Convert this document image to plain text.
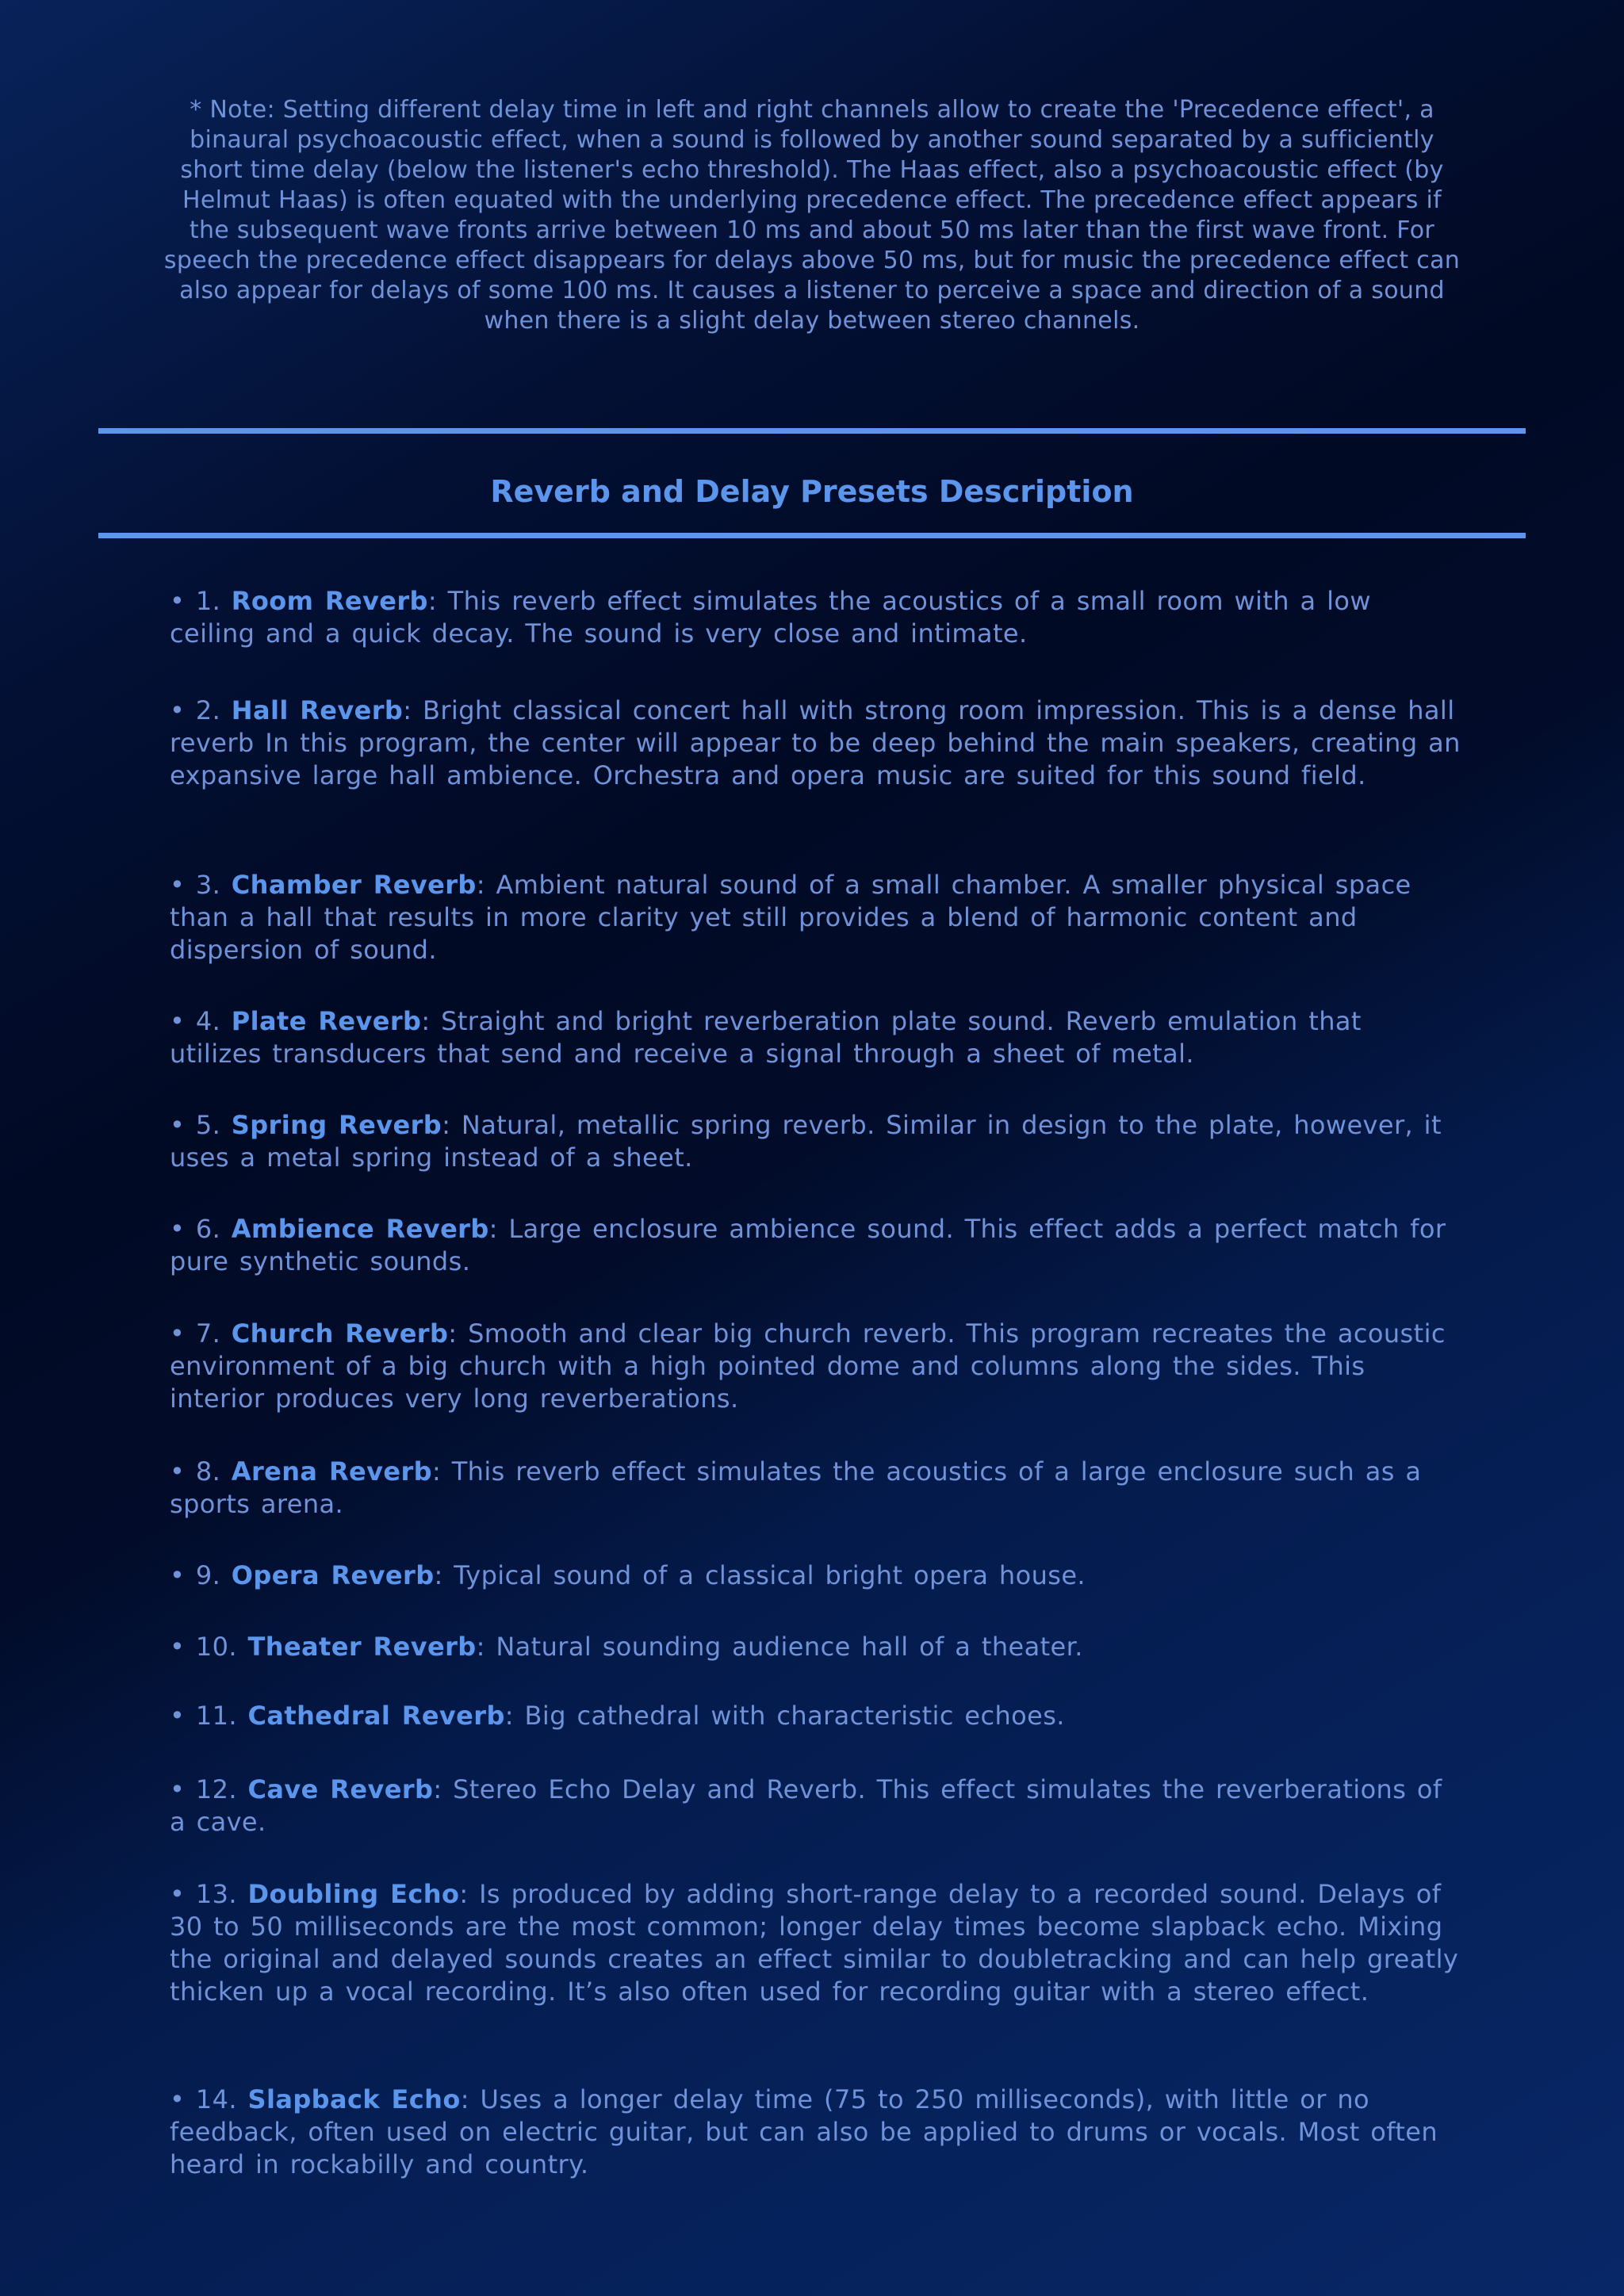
* Note: Setting different delay time in left and right channels allow to create the 'Precedence effect', a binaural psychoacoustic effect, when a sound is followed by another sound separated by a sufficiently short time delay (below the listener's echo threshold). The Haas effect, also a psychoacoustic effect (by Helmut Haas) is often equated with the underlying precedence effect. The precedence effect appears if the subsequent wave fronts arrive between 10 ms and about 50 ms later than the first wave front. For speech the precedence effect disappears for delays above 50 ms, but for music the precedence effect can also appear for delays of some 100 ms. It causes a listener to perceive a space and direction of a sound when there is a slight delay between stereo channels.
Reverb and Delay Presets Description
• 1. Room Reverb: This reverb effect simulates the acoustics of a small room with a low ceiling and a quick decay. The sound is very close and intimate.
• 2. Hall Reverb: Bright classical concert hall with strong room impression. This is a dense hall reverb In this program, the center will appear to be deep behind the main speakers, creating an expansive large hall ambience. Orchestra and opera music are suited for this sound field.
• 3. Chamber Reverb: Ambient natural sound of a small chamber. A smaller physical space than a hall that results in more clarity yet still provides a blend of harmonic content and dispersion of sound.
• 4. Plate Reverb: Straight and bright reverberation plate sound. Reverb emulation that utilizes transducers that send and receive a signal through a sheet of metal.
• 5. Spring Reverb: Natural, metallic spring reverb. Similar in design to the plate, however, it uses a metal spring instead of a sheet.
• 6. Ambience Reverb: Large enclosure ambience sound. This effect adds a perfect match for pure synthetic sounds.
• 7. Church Reverb: Smooth and clear big church reverb. This program recreates the acoustic environment of a big church with a high pointed dome and columns along the sides. This interior produces very long reverberations.
• 8. Arena Reverb: This reverb effect simulates the acoustics of a large enclosure such as a sports arena.
• 9. Opera Reverb: Typical sound of a classical bright opera house.
• 10. Theater Reverb: Natural sounding audience hall of a theater.
• 11. Cathedral Reverb: Big cathedral with characteristic echoes.
• 12. Cave Reverb: Stereo Echo Delay and Reverb. This effect simulates the reverberations of a cave.
• 13. Doubling Echo: Is produced by adding short-range delay to a recorded sound. Delays of 30 to 50 milliseconds are the most common; longer delay times become slapback echo. Mixing the original and delayed sounds creates an effect similar to doubletracking and can help greatly thicken up a vocal recording. It’s also often used for recording guitar with a stereo effect.
• 14. Slapback Echo: Uses a longer delay time (75 to 250 milliseconds), with little or no feedback, often used on electric guitar, but can also be applied to drums or vocals. Most often heard in rockabilly and country.
